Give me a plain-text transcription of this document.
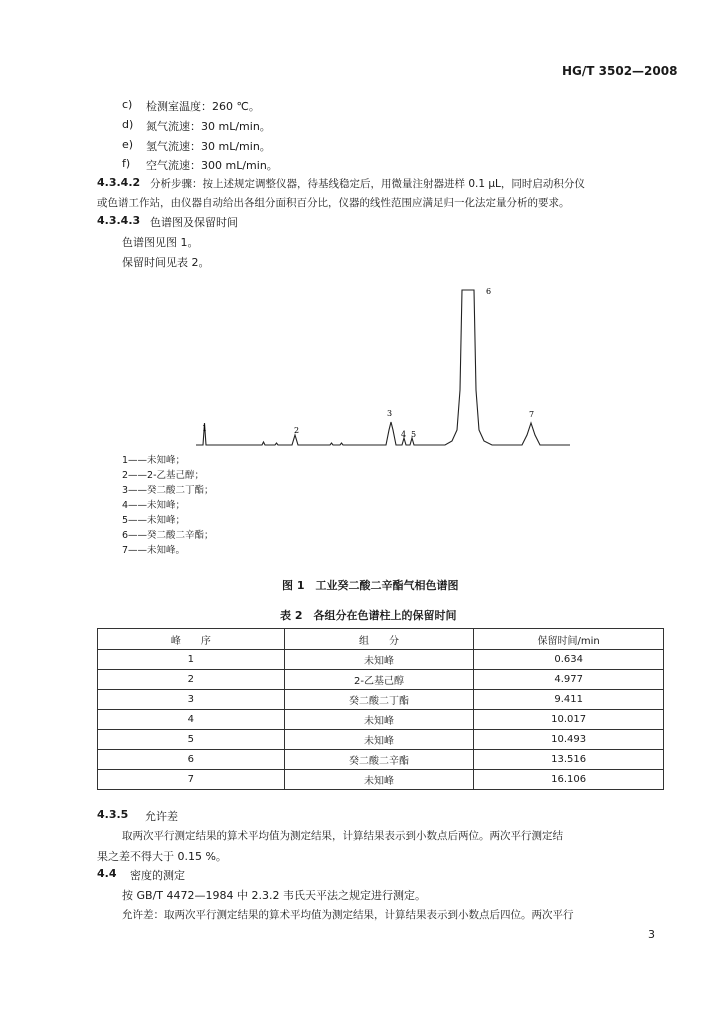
HG/T 3502—2008
c) 检测室温度：260 ℃。
d) 氮气流速：30 mL/min。
e) 氢气流速：30 mL/min。
f) 空气流速：300 mL/min。
4.3.4.2 分析步骤：按上述规定调整仪器，待基线稳定后，用微量注射器进样 0.1 μL，同时启动积分仪
或色谱工作站，由仪器自动给出各组分面积百分比，仪器的线性范围应满足归一化法定量分析的要求。
4.3.4.3 色谱图及保留时间
色谱图见图 1。
保留时间见表 2。
1	2
3
4 5
6
7
1——未知峰；
2——2-乙基己醇；
3——癸二酸二丁酯；
4——未知峰；
5——未知峰；
6——癸二酸二辛酯；
7——未知峰。
图 1　工业癸二酸二辛酯气相色谱图
表 2　各组分在色谱柱上的保留时间
峰　　序	组　　分	保留时间/min
1	未知峰	0.634
2	2-乙基己醇	4.977
3	癸二酸二丁酯	9.411
4	未知峰	10.017
5	未知峰	10.493
6	癸二酸二辛酯	13.516
7	未知峰	16.106
4.3.5 允许差
取两次平行测定结果的算术平均值为测定结果，计算结果表示到小数点后两位。两次平行测定结
果之差不得大于 0.15 %。
4.4 密度的测定
按 GB/T 4472—1984 中 2.3.2 韦氏天平法之规定进行测定。
允许差：取两次平行测定结果的算术平均值为测定结果，计算结果表示到小数点后四位。两次平行
3
